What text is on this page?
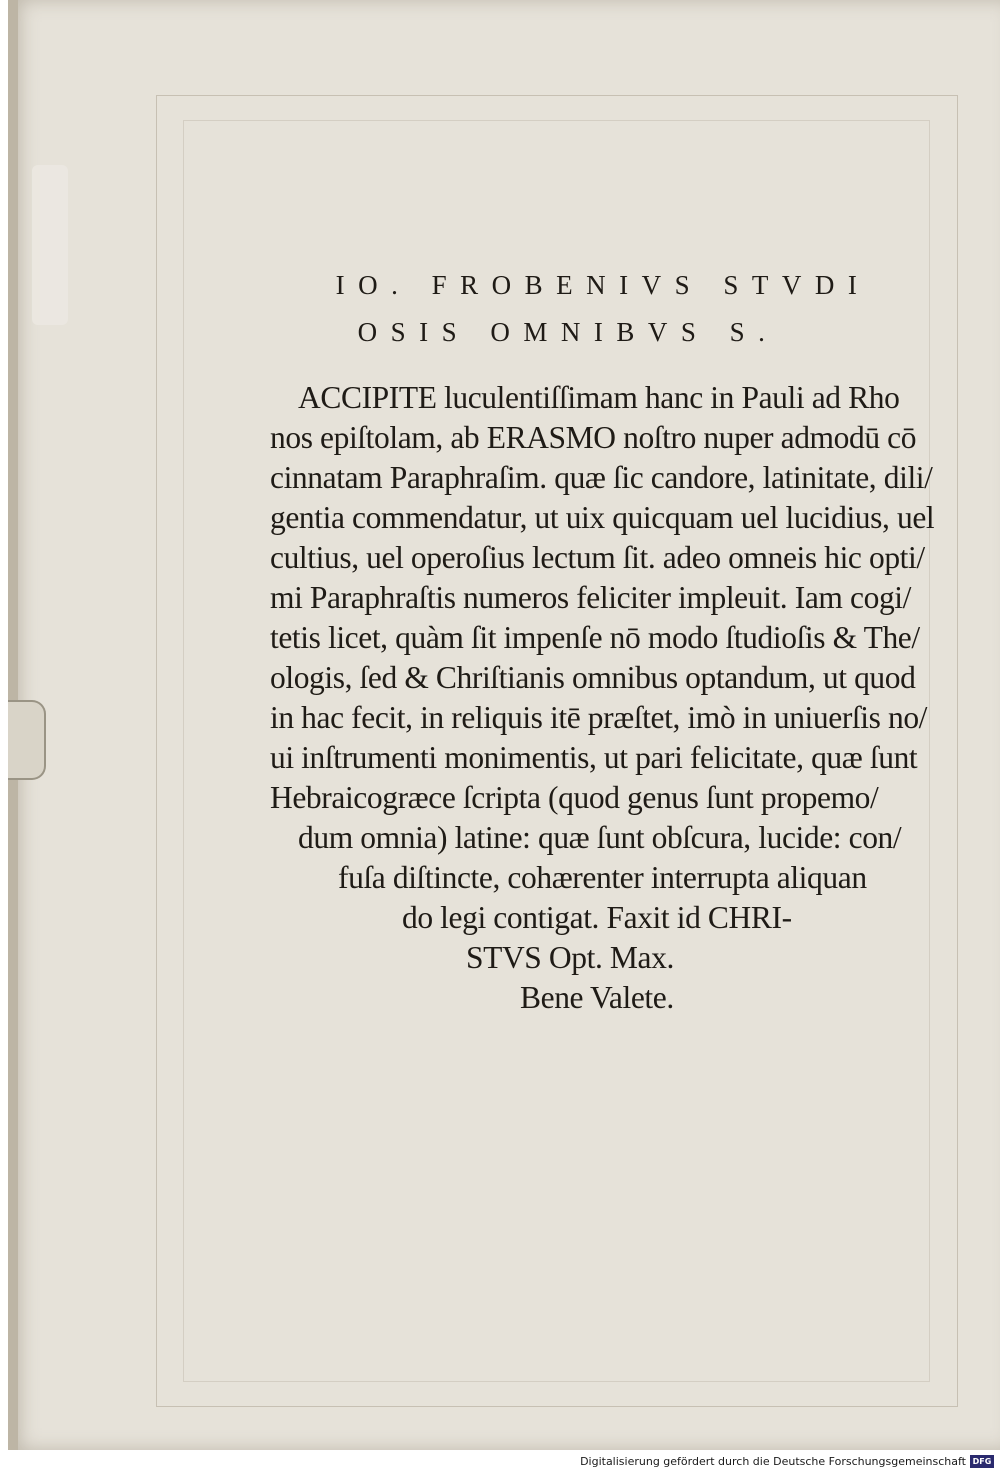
IO. FROBENIVS STVDI
OSIS OMNIBVS S.
ACCIPITE luculentiſſimam hanc in Pauli ad Rho
nos epiſtolam, ab ERASMO noſtro nuper admodū cō
cinnatam Paraphraſim. quæ ſic candore, latinitate, dili/
gentia commendatur, ut uix quicquam uel lucidius, uel
cultius, uel operoſius lectum ſit. adeo omneis hic opti/
mi Paraphraſtis numeros feliciter impleuit. Iam cogi/
tetis licet, quàm ſit impenſe nō modo ſtudioſis & The/
ologis, ſed & Chriſtianis omnibus optandum, ut quod
in hac fecit, in reliquis itē præſtet, imò in uniuerſis no/
ui inſtrumenti monimentis, ut pari felicitate, quæ ſunt
Hebraicogræce ſcripta (quod genus ſunt propemo/
dum omnia) latine: quæ ſunt obſcura, lucide: con/
fuſa diſtincte, cohærenter interrupta aliquan
do legi contigat. Faxit id CHRI-
STVS Opt. Max.
Bene Valete.
Digitalisierung gefördert durch die Deutsche Forschungsgemeinschaft DFG
